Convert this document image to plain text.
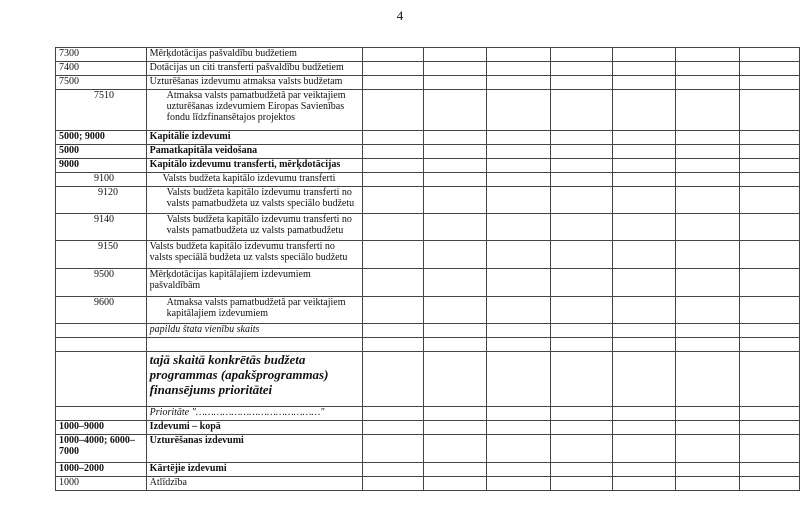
4
7300	Mērķdotācijas pašvaldību budžetiem							
7400	Dotācijas un citi transferti pašvaldību budžetiem							
7500	Uzturēšanas izdevumu atmaksa valsts budžetam							
7510	Atmaksa valsts pamatbudžetā par veiktajiem uzturēšanas izdevumiem Eiropas Savienības fondu līdzfinansētajos projektos							
5000; 9000	Kapitālie izdevumi							
5000	Pamatkapitāla veidošana							
9000	Kapitālo izdevumu transferti, mērķdotācijas							
9100	Valsts budžeta kapitālo izdevumu transferti							
9120	Valsts budžeta kapitālo izdevumu transferti no valsts pamatbudžeta uz valsts speciālo budžetu							
9140	Valsts budžeta kapitālo izdevumu transferti no valsts pamatbudžeta uz valsts pamatbudžetu							
9150	Valsts budžeta kapitālo izdevumu transferti no valsts speciālā budžeta uz valsts speciālo budžetu							
9500	Mērķdotācijas kapitālajiem izdevumiem pašvaldībām							
9600	Atmaksa valsts pamatbudžetā par veiktajiem kapitālajiem izdevumiem							
	papildu štata vienību skaits							

	tajā skaitā konkrētās budžeta programmas (apakšprogrammas) finansējums prioritātei							
	Prioritāte "……………………………………"							
1000–9000	Izdevumi – kopā							
1000–4000; 6000–7000	Uzturēšanas izdevumi							
1000–2000	Kārtējie izdevumi							
1000	Atlīdzība							
